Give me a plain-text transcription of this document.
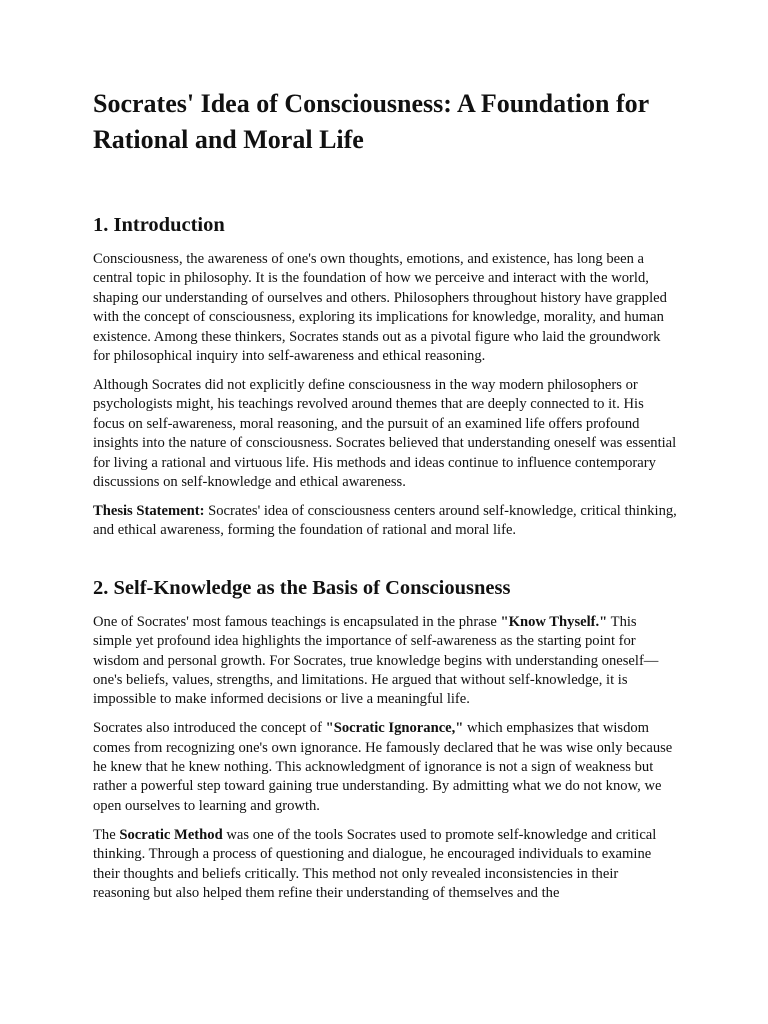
Socrates' Idea of Consciousness: A Foundation for Rational and Moral Life
1. Introduction

Consciousness, the awareness of one's own thoughts, emotions, and existence, has long been a central topic in philosophy. It is the foundation of how we perceive and interact with the world, shaping our understanding of ourselves and others. Philosophers throughout history have grappled with the concept of consciousness, exploring its implications for knowledge, morality, and human existence. Among these thinkers, Socrates stands out as a pivotal figure who laid the groundwork for philosophical inquiry into self-awareness and ethical reasoning.

Although Socrates did not explicitly define consciousness in the way modern philosophers or psychologists might, his teachings revolved around themes that are deeply connected to it. His focus on self-awareness, moral reasoning, and the pursuit of an examined life offers profound insights into the nature of consciousness. Socrates believed that understanding oneself was essential for living a rational and virtuous life. His methods and ideas continue to influence contemporary discussions on self-knowledge and ethical awareness.

Thesis Statement: Socrates' idea of consciousness centers around self-knowledge, critical thinking, and ethical awareness, forming the foundation of rational and moral life.

2. Self-Knowledge as the Basis of Consciousness

One of Socrates' most famous teachings is encapsulated in the phrase "Know Thyself." This simple yet profound idea highlights the importance of self-awareness as the starting point for wisdom and personal growth. For Socrates, true knowledge begins with understanding oneself—one's beliefs, values, strengths, and limitations. He argued that without self-knowledge, it is impossible to make informed decisions or live a meaningful life.

Socrates also introduced the concept of "Socratic Ignorance," which emphasizes that wisdom comes from recognizing one's own ignorance. He famously declared that he was wise only because he knew that he knew nothing. This acknowledgment of ignorance is not a sign of weakness but rather a powerful step toward gaining true understanding. By admitting what we do not know, we open ourselves to learning and growth.

The Socratic Method was one of the tools Socrates used to promote self-knowledge and critical thinking. Through a process of questioning and dialogue, he encouraged individuals to examine their thoughts and beliefs critically. This method not only revealed inconsistencies in their reasoning but also helped them refine their understanding of themselves and the
